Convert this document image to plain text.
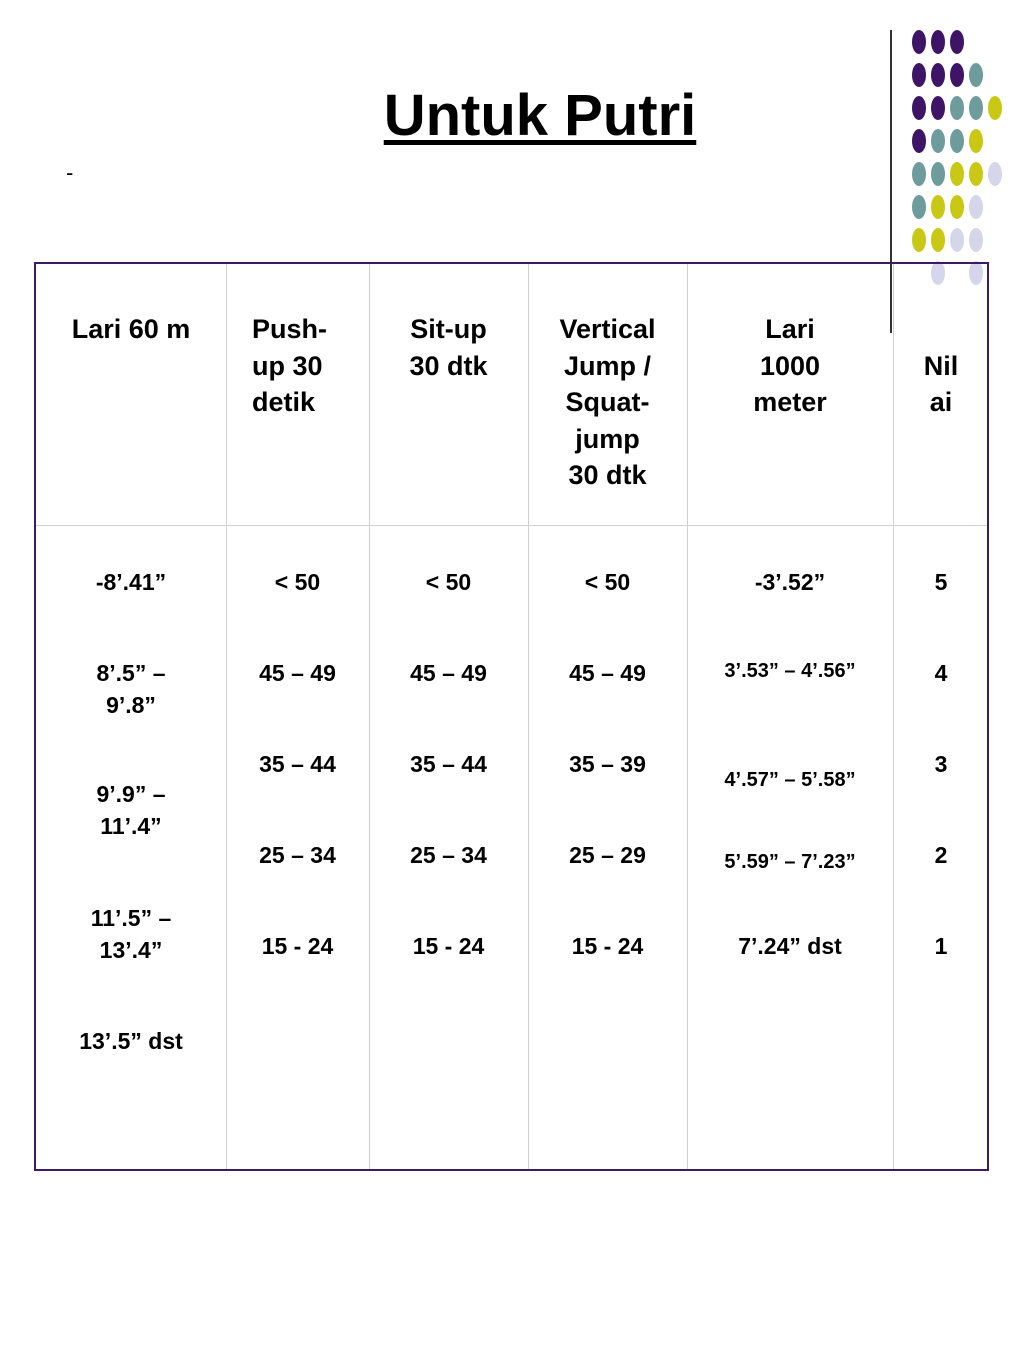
Untuk Putri
-
Lari 60 m	Push-
up 30
detik
Sit-up
30 dtk
Vertical
Jump /
Squat-
jump
30 dtk
Lari
1000
meter

Nil
ai
-8’.41”
8’.5” –
9’.8”
9’.9” –
11’.4”
11’.5” –
13’.4”
13’.5” dst
< 50
45 – 49
35 – 44
25 – 34
15 - 24
< 50
45 – 49
35 – 44
25 – 34
15 - 24
< 50
45 – 49
35 – 39
25 – 29
15 - 24
-3’.52”
3’.53” – 4’.56”
4’.57” – 5’.58”
5’.59” – 7’.23”
7’.24” dst
5
4
3
2
1
